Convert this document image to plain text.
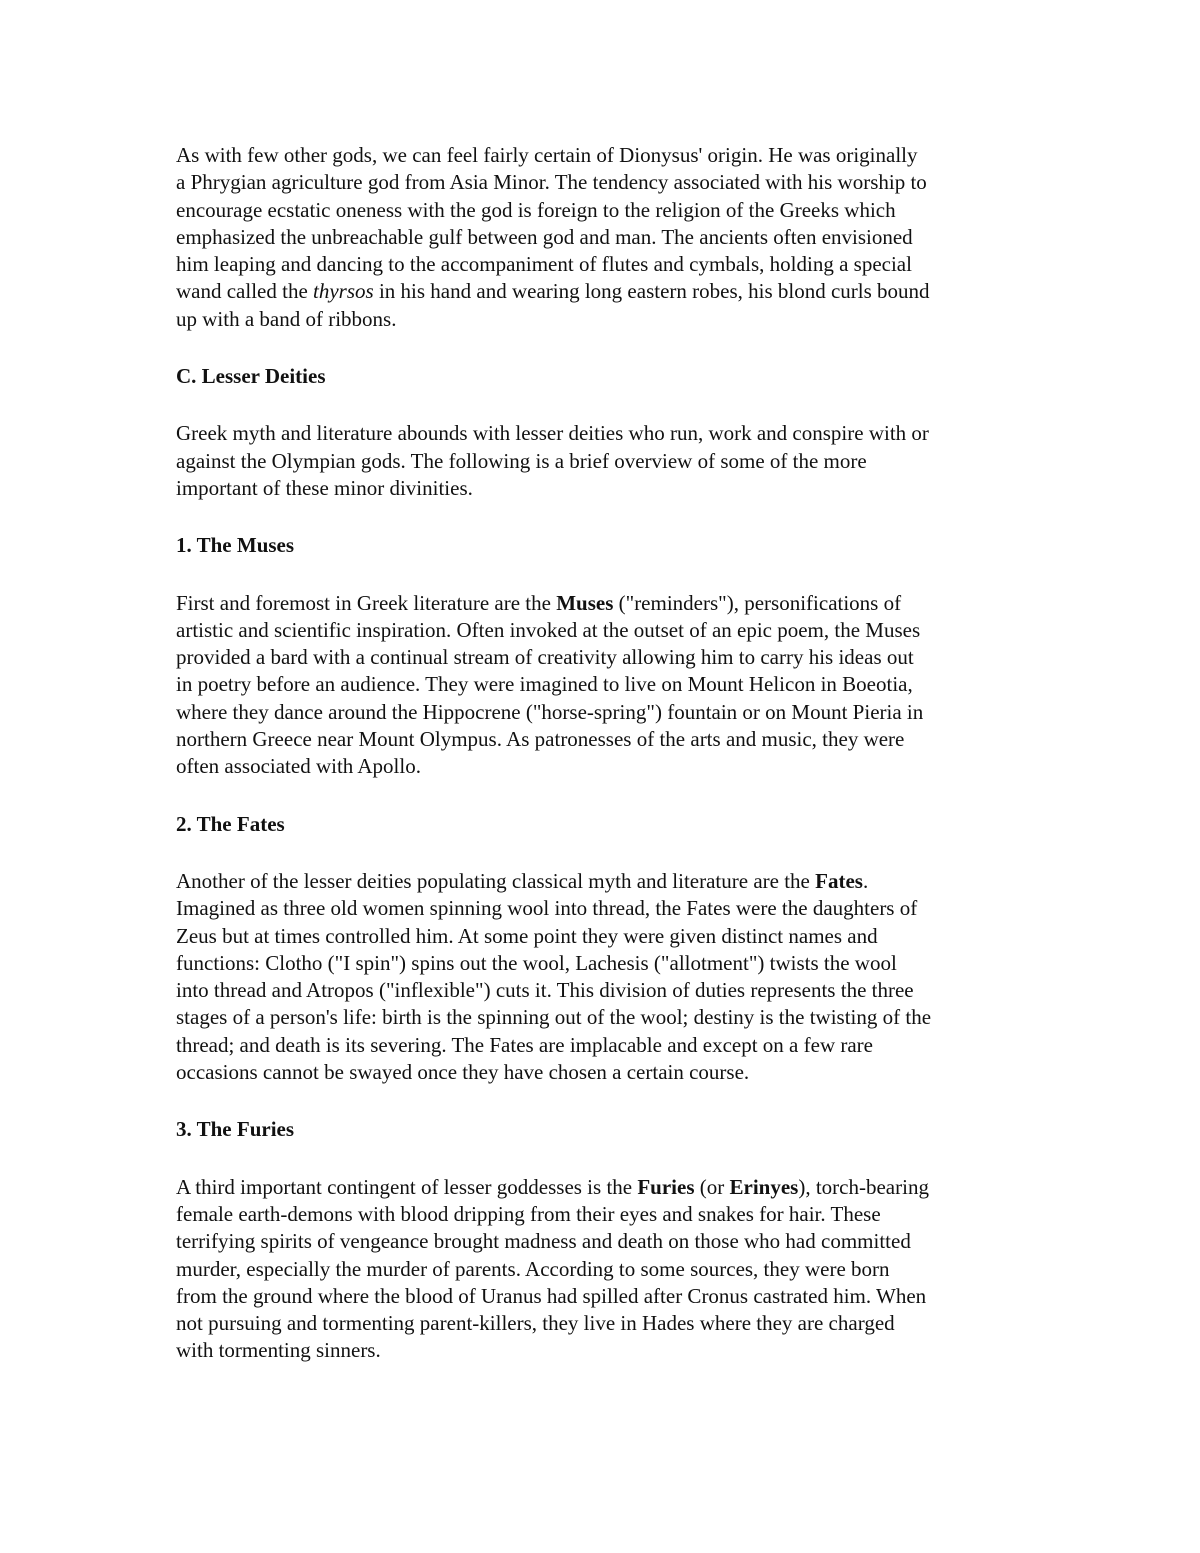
As with few other gods, we can feel fairly certain of Dionysus' origin. He was originally
a Phrygian agriculture god from Asia Minor. The tendency associated with his worship to
encourage ecstatic oneness with the god is foreign to the religion of the Greeks which
emphasized the unbreachable gulf between god and man. The ancients often envisioned
him leaping and dancing to the accompaniment of flutes and cymbals, holding a special
wand called the thyrsos in his hand and wearing long eastern robes, his blond curls bound
up with a band of ribbons.
C. Lesser Deities
Greek myth and literature abounds with lesser deities who run, work and conspire with or
against the Olympian gods. The following is a brief overview of some of the more
important of these minor divinities.
1. The Muses
First and foremost in Greek literature are the Muses ("reminders"), personifications of
artistic and scientific inspiration. Often invoked at the outset of an epic poem, the Muses
provided a bard with a continual stream of creativity allowing him to carry his ideas out
in poetry before an audience. They were imagined to live on Mount Helicon in Boeotia,
where they dance around the Hippocrene ("horse-spring") fountain or on Mount Pieria in
northern Greece near Mount Olympus. As patronesses of the arts and music, they were
often associated with Apollo.
2. The Fates
Another of the lesser deities populating classical myth and literature are the Fates.
Imagined as three old women spinning wool into thread, the Fates were the daughters of
Zeus but at times controlled him. At some point they were given distinct names and
functions: Clotho ("I spin") spins out the wool, Lachesis ("allotment") twists the wool
into thread and Atropos ("inflexible") cuts it. This division of duties represents the three
stages of a person's life: birth is the spinning out of the wool; destiny is the twisting of the
thread; and death is its severing. The Fates are implacable and except on a few rare
occasions cannot be swayed once they have chosen a certain course.
3. The Furies
A third important contingent of lesser goddesses is the Furies (or Erinyes), torch-bearing
female earth-demons with blood dripping from their eyes and snakes for hair. These
terrifying spirits of vengeance brought madness and death on those who had committed
murder, especially the murder of parents. According to some sources, they were born
from the ground where the blood of Uranus had spilled after Cronus castrated him. When
not pursuing and tormenting parent-killers, they live in Hades where they are charged
with tormenting sinners.
